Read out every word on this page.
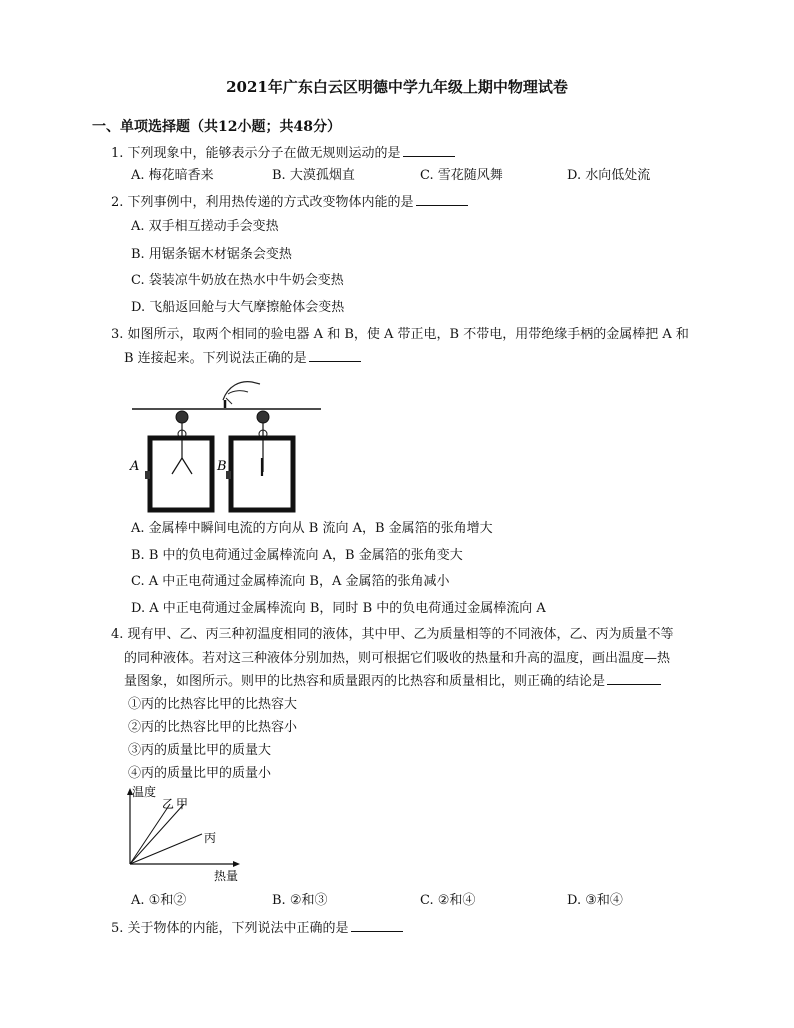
2021年广东白云区明德中学九年级上期中物理试卷
一、单项选择题（共12小题；共48分）
1. 下列现象中，能够表示分子在做无规则运动的是
A. 梅花暗香来	B. 大漠孤烟直	C. 雪花随风舞	D. 水向低处流
2. 下列事例中，利用热传递的方式改变物体内能的是
A. 双手相互搓动手会变热
B. 用锯条锯木材锯条会变热
C. 袋装凉牛奶放在热水中牛奶会变热
D. 飞船返回舱与大气摩擦舱体会变热
3. 如图所示，取两个相同的验电器 A 和 B，使 A 带正电，B 不带电，用带绝缘手柄的金属棒把 A 和
B 连接起来。下列说法正确的是
A	B
A. 金属棒中瞬间电流的方向从 B 流向 A，B 金属箔的张角增大
B. B 中的负电荷通过金属棒流向 A，B 金属箔的张角变大
C. A 中正电荷通过金属棒流向 B，A 金属箔的张角减小
D. A 中正电荷通过金属棒流向 B，同时 B 中的负电荷通过金属棒流向 A
4. 现有甲、乙、丙三种初温度相同的液体，其中甲、乙为质量相等的不同液体，乙、丙为质量不等
的同种液体。若对这三种液体分别加热，则可根据它们吸收的热量和升高的温度，画出温度—热
量图象，如图所示。则甲的比热容和质量跟丙的比热容和质量相比，则正确的结论是
①丙的比热容比甲的比热容大
②丙的比热容比甲的比热容小
③丙的质量比甲的质量大
④丙的质量比甲的质量小
温度
乙 甲
丙
热量
A. ①和②	B. ②和③	C. ②和④	D. ③和④
5. 关于物体的内能，下列说法中正确的是
